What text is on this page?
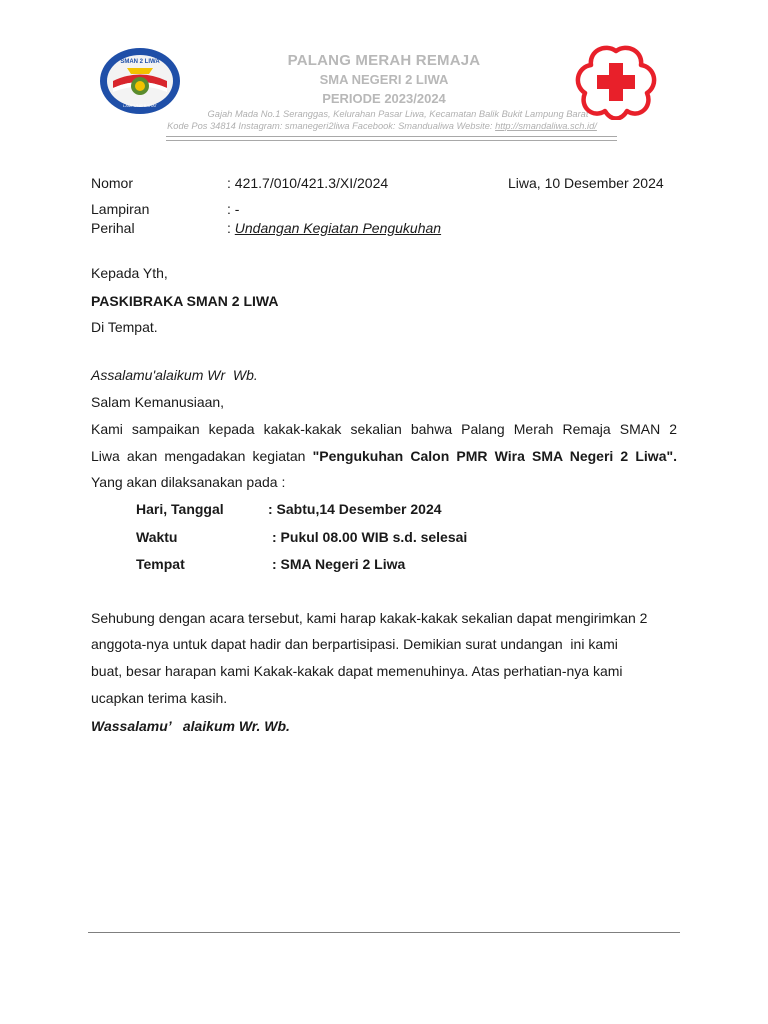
SMAN 2 LIWA
LAMPUNG BARAT
PALANG MERAH REMAJA
SMA NEGERI 2 LIWA
PERIODE 2023/2024
Gajah Mada No.1 Seranggas, Kelurahan Pasar Liwa, Kecamatan Balik Bukit Lampung Barat
Kode Pos 34814 Instagram: smanegeri2liwa Facebook: Smandualiwa Website: http://smandaliwa.sch.id/
Nomor	: 421.7/010/421.3/XI/2024	Liwa, 10 Desember 2024
Lampiran	: -
Perihal	: Undangan Kegiatan Pengukuhan
Kepada Yth,
PASKIBRAKA SMAN 2 LIWA
Di Tempat.
Assalamu'alaikum Wr  Wb.
Salam Kemanusiaan,
Kami sampaikan kepada kakak-kakak sekalian bahwa Palang Merah Remaja SMAN 2
Liwa akan mengadakan kegiatan "Pengukuhan Calon PMR Wira SMA Negeri 2 Liwa".
Yang akan dilaksanakan pada :
Hari, Tanggal	: Sabtu,14 Desember 2024
Waktu	: Pukul 08.00 WIB s.d. selesai
Tempat	: SMA Negeri 2 Liwa
Sehubung dengan acara tersebut, kami harap kakak-kakak sekalian dapat mengirimkan 2
anggota-nya untuk dapat hadir dan berpartisipasi. Demikian surat undangan  ini kami
buat, besar harapan kami Kakak-kakak dapat memenuhinya. Atas perhatian-nya kami
ucapkan terima kasih.
Wassalamu’   alaikum Wr. Wb.
